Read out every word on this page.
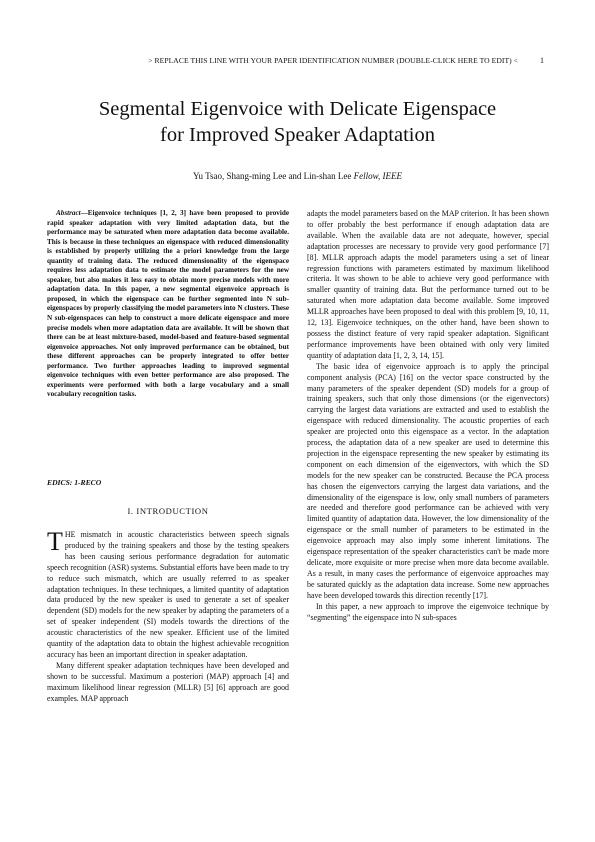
> REPLACE THIS LINE WITH YOUR PAPER IDENTIFICATION NUMBER (DOUBLE-CLICK HERE TO EDIT) <	1
Segmental Eigenvoice with Delicate Eigenspace
for Improved Speaker Adaptation
Yu Tsao, Shang-ming Lee and Lin-shan Lee Fellow, IEEE
Abstract—Eigenvoice techniques [1, 2, 3] have been proposed to provide rapid speaker adaptation with very limited adaptation data, but the performance may be saturated when more adaptation data become available. This is because in these techniques an eigenspace with reduced dimensionality is established by properly utilizing the a priori knowledge from the large quantity of training data. The reduced dimensionality of the eigenspace requires less adaptation data to estimate the model parameters for the new speaker, but also makes it less easy to obtain more precise models with more adaptation data. In this paper, a new segmental eigenvoice approach is proposed, in which the eigenspace can be further segmented into N sub-eigenspaces by properly classifying the model parameters into N clusters. These N sub-eigenspaces can help to construct a more delicate eigenspace and more precise models when more adaptation data are available. It will be shown that there can be at least mixture-based, model-based and feature-based segmental eigenvoice approaches. Not only improved performance can be obtained, but these different approaches can be properly integrated to offer better performance. Two further approaches leading to improved segmental eigenvoice techniques with even better performance are also proposed. The experiments were performed with both a large vocabulary and a small vocabulary recognition tasks.
EDICS: 1-RECO
I. INTRODUCTION

THE mismatch in acoustic characteristics between speech signals produced by the training speakers and those by the testing speakers has been causing serious performance degradation for automatic speech recognition (ASR) systems. Substantial efforts have been made to try to reduce such mismatch, which are usually referred to as speaker adaptation techniques. In these techniques, a limited quantity of adaptation data produced by the new speaker is used to generate a set of speaker dependent (SD) models for the new speaker by adapting the parameters of a set of speaker independent (SI) models towards the directions of the acoustic characteristics of the new speaker. Efficient use of the limited quantity of the adaptation data to obtain the highest achievable recognition accuracy has been an important direction in speaker adaptation.

Many different speaker adaptation techniques have been developed and shown to be successful. Maximum a posteriori (MAP) approach [4] and maximum likelihood linear regression (MLLR) [5] [6] approach are good examples. MAP approach

adapts the model parameters based on the MAP criterion. It has been shown to offer probably the best performance if enough adaptation data are available. When the available data are not adequate, however, special adaptation processes are necessary to provide very good performance [7] [8]. MLLR approach adapts the model parameters using a set of linear regression functions with parameters estimated by maximum likelihood criteria. It was shown to be able to achieve very good performance with smaller quantity of training data. But the performance turned out to be saturated when more adaptation data become available. Some improved MLLR approaches have been proposed to deal with this problem [9, 10, 11, 12, 13]. Eigenvoice techniques, on the other hand, have been shown to possess the distinct feature of very rapid speaker adaptation. Significant performance improvements have been obtained with only very limited quantity of adaptation data [1, 2, 3, 14, 15].

The basic idea of eigenvoice approach is to apply the principal component analysis (PCA) [16] on the vector space constructed by the many parameters of the speaker dependent (SD) models for a group of training speakers, such that only those dimensions (or the eigenvectors) carrying the largest data variations are extracted and used to establish the eigenspace with reduced dimensionality. The acoustic properties of each speaker are projected onto this eigenspace as a vector. In the adaptation process, the adaptation data of a new speaker are used to determine this projection in the eigenspace representing the new speaker by estimating its component on each dimension of the eigenvectors, with which the SD models for the new speaker can be constructed. Because the PCA process has chosen the eigenvectors carrying the largest data variations, and the dimensionality of the eigenspace is low, only small numbers of parameters are needed and therefore good performance can be achieved with very limited quantity of adaptation data. However, the low dimensionality of the eigenspace or the small number of parameters to be estimated in the eigenvoice approach may also imply some inherent limitations. The eigenspace representation of the speaker characteristics can't be made more delicate, more exquisite or more precise when more data become available. As a result, in many cases the performance of eigenvoice approaches may be saturated quickly as the adaptation data increase. Some new approaches have been developed towards this direction recently [17].

In this paper, a new approach to improve the eigenvoice technique by “segmenting” the eigenspace into N sub-spaces
